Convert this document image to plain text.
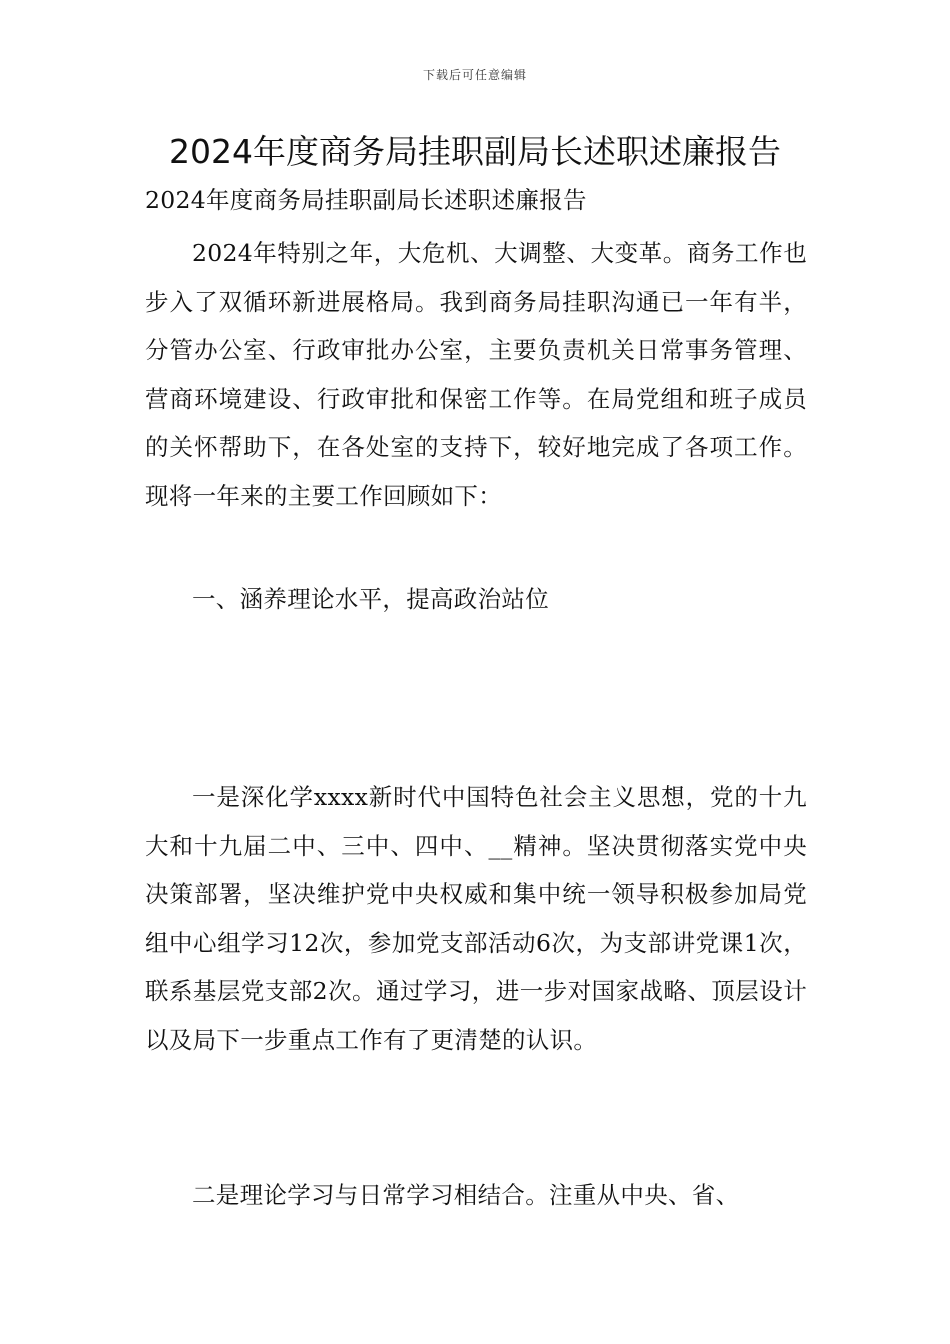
下载后可任意编辑
2024年度商务局挂职副局长述职述廉报告

2024年度商务局挂职副局长述职述廉报告

2024年特别之年，大危机、大调整、大变革。商务工作也步入了双循环新进展格局。我到商务局挂职沟通已一年有半，分管办公室、行政审批办公室，主要负责机关日常事务管理、营商环境建设、行政审批和保密工作等。在局党组和班子成员的关怀帮助下，在各处室的支持下，较好地完成了各项工作。现将一年来的主要工作回顾如下：

一、涵养理论水平，提高政治站位

一是深化学xxxx新时代中国特色社会主义思想，党的十九大和十九届二中、三中、四中、__精神。坚决贯彻落实党中央决策部署，坚决维护党中央权威和集中统一领导积极参加局党组中心组学习12次，参加党支部活动6次，为支部讲党课1次，联系基层党支部2次。通过学习，进一步对国家战略、顶层设计以及局下一步重点工作有了更清楚的认识。

二是理论学习与日常学习相结合。注重从中央、省、
